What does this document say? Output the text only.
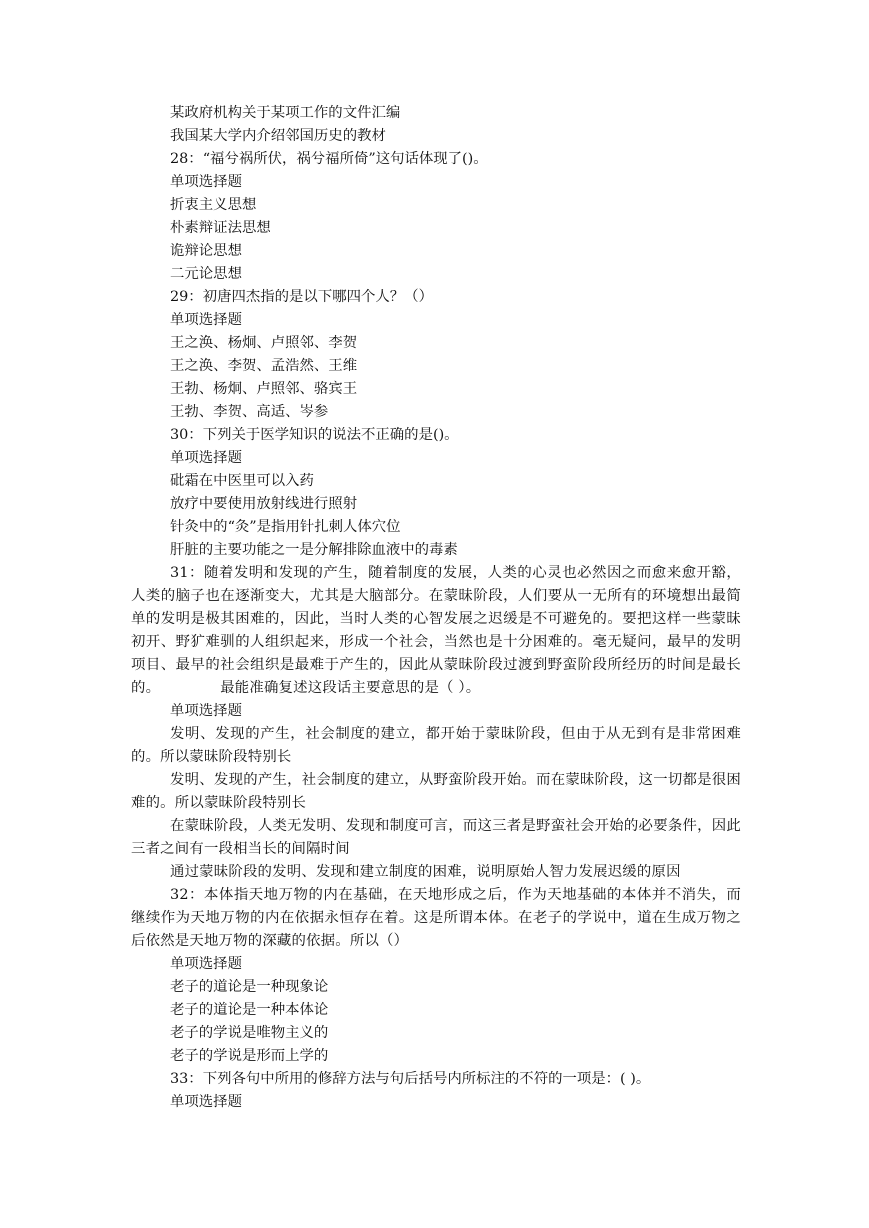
某政府机构关于某项工作的文件汇编
我国某大学内介绍邻国历史的教材
28：“福兮祸所伏，祸兮福所倚”这句话体现了()。
单项选择题
折衷主义思想
朴素辩证法思想
诡辩论思想
二元论思想
29：初唐四杰指的是以下哪四个人？（）
单项选择题
王之涣、杨炯、卢照邻、李贺
王之涣、李贺、孟浩然、王维
王勃、杨炯、卢照邻、骆宾王
王勃、李贺、高适、岑参
30：下列关于医学知识的说法不正确的是()。
单项选择题
砒霜在中医里可以入药
放疗中要使用放射线进行照射
针灸中的“灸”是指用针扎刺人体穴位
肝脏的主要功能之一是分解排除血液中的毒素
31：随着发明和发现的产生，随着制度的发展，人类的心灵也必然因之而愈来愈开豁，人类的脑子也在逐渐变大，尤其是大脑部分。在蒙昧阶段，人们要从一无所有的环境想出最简单的发明是极其困难的，因此，当时人类的心智发展之迟缓是不可避免的。要把这样一些蒙昧初开、野犷难驯的人组织起来，形成一个社会，当然也是十分困难的。毫无疑问，最早的发明项目、最早的社会组织是最难于产生的，因此从蒙昧阶段过渡到野蛮阶段所经历的时间是最长的。	最能准确复述这段话主要意思的是（ ）。
单项选择题
发明、发现的产生，社会制度的建立，都开始于蒙昧阶段，但由于从无到有是非常困难的。所以蒙昧阶段特别长
发明、发现的产生，社会制度的建立，从野蛮阶段开始。而在蒙昧阶段，这一切都是很困难的。所以蒙昧阶段特别长
在蒙昧阶段，人类无发明、发现和制度可言，而这三者是野蛮社会开始的必要条件，因此三者之间有一段相当长的间隔时间
通过蒙昧阶段的发明、发现和建立制度的困难，说明原始人智力发展迟缓的原因
32：本体指天地万物的内在基础，在天地形成之后，作为天地基础的本体并不消失，而继续作为天地万物的内在依据永恒存在着。这是所谓本体。在老子的学说中，道在生成万物之后依然是天地万物的深藏的依据。所以（）
单项选择题
老子的道论是一种现象论
老子的道论是一种本体论
老子的学说是唯物主义的
老子的学说是形而上学的
33：下列各句中所用的修辞方法与句后括号内所标注的不符的一项是：( )。
单项选择题
